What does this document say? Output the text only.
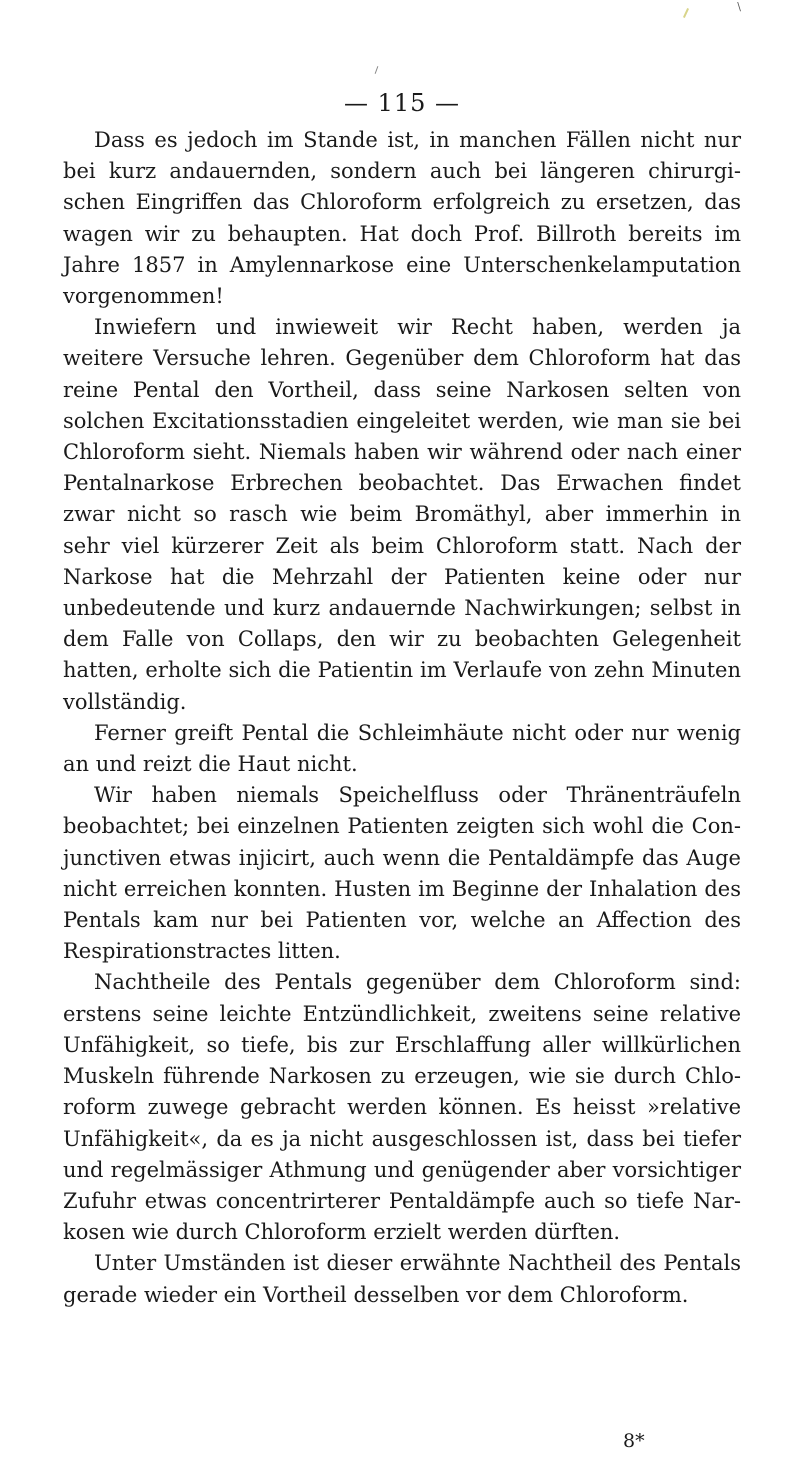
\
— 115 —

Dass es jedoch im Stande ist, in manchen Fällen nicht nur bei kurz andauernden, sondern auch bei längeren chirurgi-schen Eingriffen das Chloroform erfolgreich zu ersetzen, das wagen wir zu behaupten. Hat doch Prof. Billroth bereits im Jahre 1857 in Amylennarkose eine Unterschenkelamputation vorgenommen!

Inwiefern und inwieweit wir Recht haben, werden ja weitere Versuche lehren. Gegenüber dem Chloroform hat das reine Pental den Vortheil, dass seine Narkosen selten von solchen Excitationsstadien eingeleitet werden, wie man sie bei Chloroform sieht. Niemals haben wir während oder nach einer Pentalnarkose Erbrechen beobachtet. Das Erwachen findet zwar nicht so rasch wie beim Bromäthyl, aber immerhin in sehr viel kürzerer Zeit als beim Chloroform statt. Nach der Narkose hat die Mehrzahl der Patienten keine oder nur unbedeutende und kurz andauernde Nachwirkungen; selbst in dem Falle von Collaps, den wir zu beobachten Gelegenheit hatten, erholte sich die Patientin im Verlaufe von zehn Minuten vollständig.

Ferner greift Pental die Schleimhäute nicht oder nur wenig an und reizt die Haut nicht.

Wir haben niemals Speichelfluss oder Thränenträufeln beobachtet; bei einzelnen Patienten zeigten sich wohl die Con-junctiven etwas injicirt, auch wenn die Pentaldämpfe das Auge nicht erreichen konnten. Husten im Beginne der Inhalation des Pentals kam nur bei Patienten vor, welche an Affection des Respirationstractes litten.

Nachtheile des Pentals gegenüber dem Chloroform sind: erstens seine leichte Entzündlichkeit, zweitens seine relative Unfähigkeit, so tiefe, bis zur Erschlaffung aller willkürlichen Muskeln führende Narkosen zu erzeugen, wie sie durch Chlo-roform zuwege gebracht werden können. Es heisst »relative Unfähigkeit«, da es ja nicht ausgeschlossen ist, dass bei tiefer und regelmässiger Athmung und genügender aber vorsichtiger Zufuhr etwas concentrirterer Pentaldämpfe auch so tiefe Nar-kosen wie durch Chloroform erzielt werden dürften.

Unter Umständen ist dieser erwähnte Nachtheil des Pentals gerade wieder ein Vortheil desselben vor dem Chloroform.

8*
